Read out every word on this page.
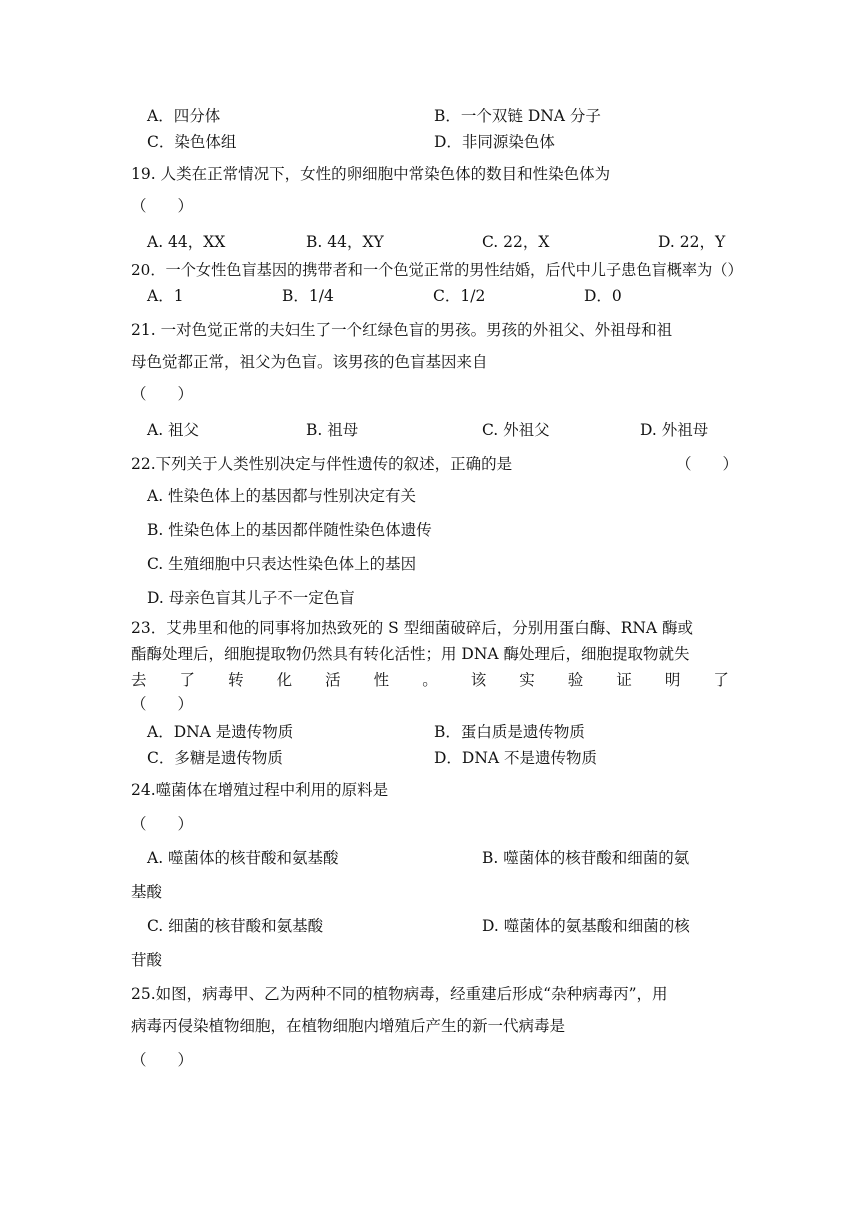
A．四分体	B．一个双链 DNA 分子
C．染色体组	D．非同源染色体
19. 人类在正常情况下，女性的卵细胞中常染色体的数目和性染色体为
（　　）
A. 44，XX	B. 44，XY	C. 22，X	D. 22，Y
20．一个女性色盲基因的携带者和一个色觉正常的男性结婚，后代中儿子患色盲概率为（）
A．1	B．1/4	C．1/2	D．0
21. 一对色觉正常的夫妇生了一个红绿色盲的男孩。男孩的外祖父、外祖母和祖
母色觉都正常，祖父为色盲。该男孩的色盲基因来自
（　　）
A. 祖父	B. 祖母	C. 外祖父	D. 外祖母
22.下列关于人类性别决定与伴性遗传的叙述，正确的是	（　　）
A. 性染色体上的基因都与性别决定有关
B. 性染色体上的基因都伴随性染色体遗传
C. 生殖细胞中只表达性染色体上的基因
D. 母亲色盲其儿子不一定色盲
23．艾弗里和他的同事将加热致死的 S 型细菌破碎后，分别用蛋白酶、RNA 酶或
酯酶处理后，细胞提取物仍然具有转化活性；用 DNA 酶处理后，细胞提取物就失
去 了 转 化 活 性 。 该 实 验 证 明 了
（　　）
A．DNA 是遗传物质	B．蛋白质是遗传物质
C．多糖是遗传物质	D．DNA 不是遗传物质
24.噬菌体在增殖过程中利用的原料是
（　　）
A. 噬菌体的核苷酸和氨基酸	B. 噬菌体的核苷酸和细菌的氨
基酸
C. 细菌的核苷酸和氨基酸	D. 噬菌体的氨基酸和细菌的核
苷酸
25.如图，病毒甲、乙为两种不同的植物病毒，经重建后形成“杂种病毒丙”，用
病毒丙侵染植物细胞，在植物细胞内增殖后产生的新一代病毒是
（　　）
